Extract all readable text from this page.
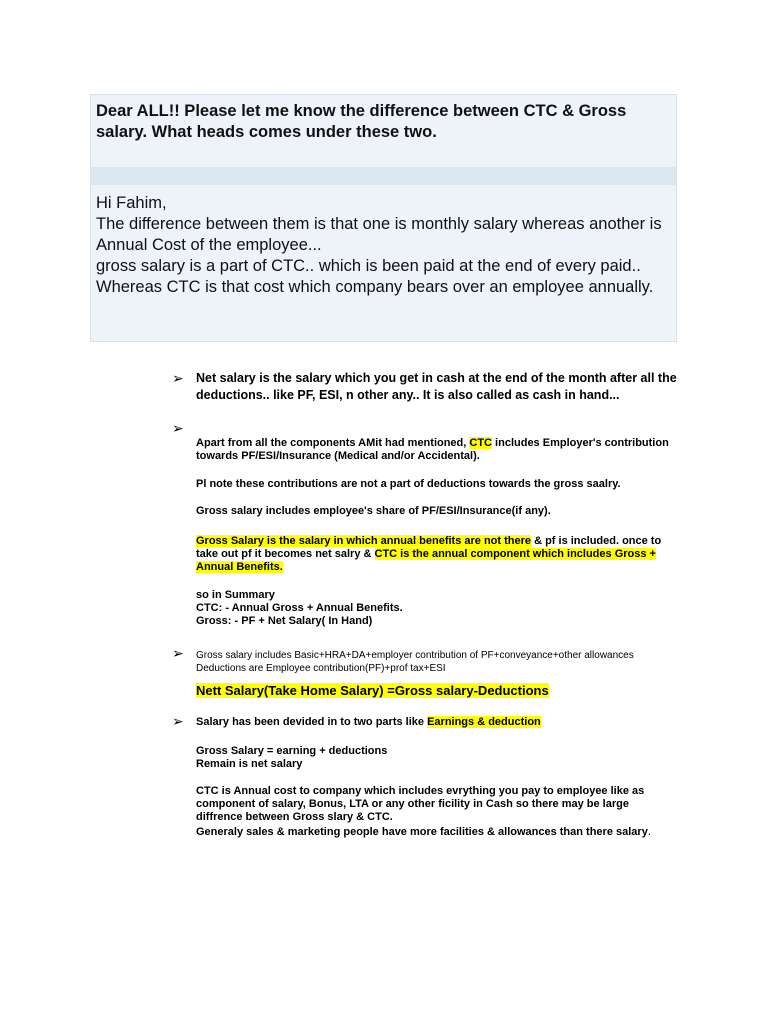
Dear ALL!! Please let me know the difference between CTC & Gross salary. What heads comes under these two.
Hi Fahim,
The difference between them is that one is monthly salary whereas another is Annual Cost of the employee...
gross salary is a part of CTC.. which is been paid at the end of every paid..
Whereas CTC is that cost which company bears over an employee annually.
➢ Net salary is the salary which you get in cash at the end of the month after all the deductions.. like PF, ESI, n other any.. It is also called as cash in hand...
➢
Apart from all the components AMit had mentioned, CTC includes Employer's contribution towards PF/ESI/Insurance (Medical and/or Accidental).
Pl note these contributions are not a part of deductions towards the gross saalry.
Gross salary includes employee's share of PF/ESI/Insurance(if any).
Gross Salary is the salary in which annual benefits are not there & pf is included. once to take out pf it becomes net salry & CTC is the annual component which includes Gross + Annual Benefits.
so in Summary
CTC: - Annual Gross + Annual Benefits.
Gross: - PF + Net Salary( In Hand)
➢ Gross salary includes Basic+HRA+DA+employer contribution of PF+conveyance+other allowances
Deductions are Employee contribution(PF)+prof tax+ESI
Nett Salary(Take Home Salary) =Gross salary-Deductions
➢ Salary has been devided in to two parts like Earnings & deduction
Gross Salary = earning + deductions
Remain is net salary
CTC is Annual cost to company which includes evrything you pay to employee like as component of salary, Bonus, LTA or any other ficility in Cash so there may be large diffrence between Gross slary & CTC.
Generaly sales & marketing people have more facilities & allowances than there salary.
